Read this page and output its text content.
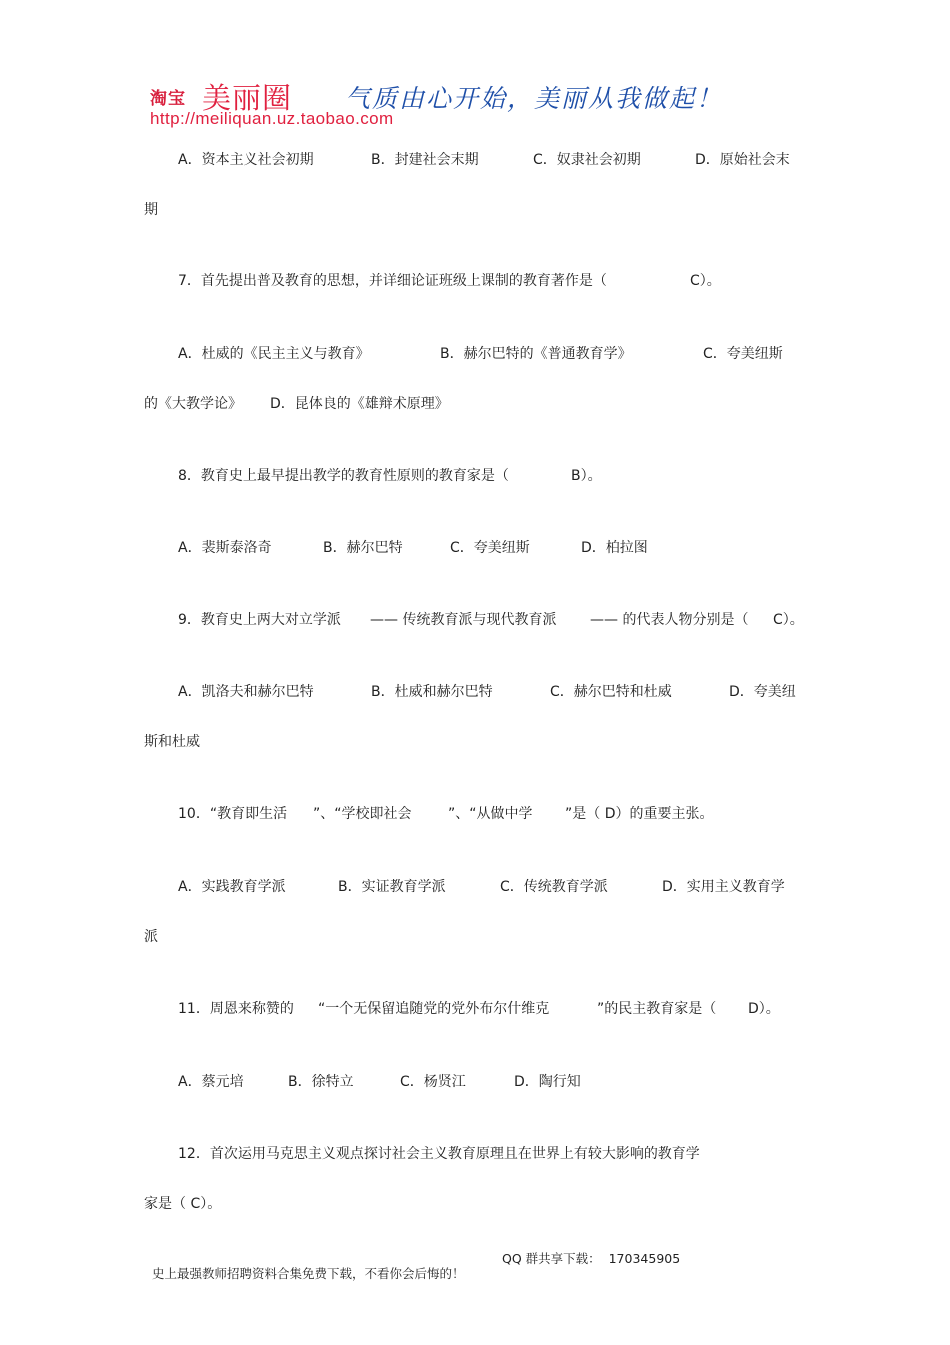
淘宝 美丽圈 气质由心开始，美丽从我做起！
http://meiliquan.uz.taobao.com
A．资本主义社会初期	B．封建社会末期	C．奴隶社会初期	D．原始社会末
期
7．首先提出普及教育的思想，并详细论证班级上课制的教育著作是（	C）。
A．杜威的《民主主义与教育》	B．赫尔巴特的《普通教育学》	C．夸美纽斯
的《大教学论》 D．昆体良的《雄辩术原理》
8．教育史上最早提出教学的教育性原则的教育家是（	B）。
A．裴斯泰洛奇	B．赫尔巴特	C．夸美纽斯	D．柏拉图
9．教育史上两大对立学派 —— 传统教育派与现代教育派 —— 的代表人物分别是（ C）。
A．凯洛夫和赫尔巴特	B．杜威和赫尔巴特	C．赫尔巴特和杜威	D．夸美纽
斯和杜威
10．“教育即生活 ”、“学校即社会	”、“从做中学 ”是（ D）的重要主张。
A．实践教育学派	B．实证教育学派	C．传统教育学派	D．实用主义教育学
派
11．周恩来称赞的 “一个无保留追随党的党外布尔什维克	”的民主教育家是（ D）。
A．蔡元培	B．徐特立	C．杨贤江	D．陶行知
12．首次运用马克思主义观点探讨社会主义教育原理且在世界上有较大影响的教育学
家是（ C）。

史上最强教师招聘资料合集免费下载，不看你会后悔的！

QQ 群共享下载：  170345905
